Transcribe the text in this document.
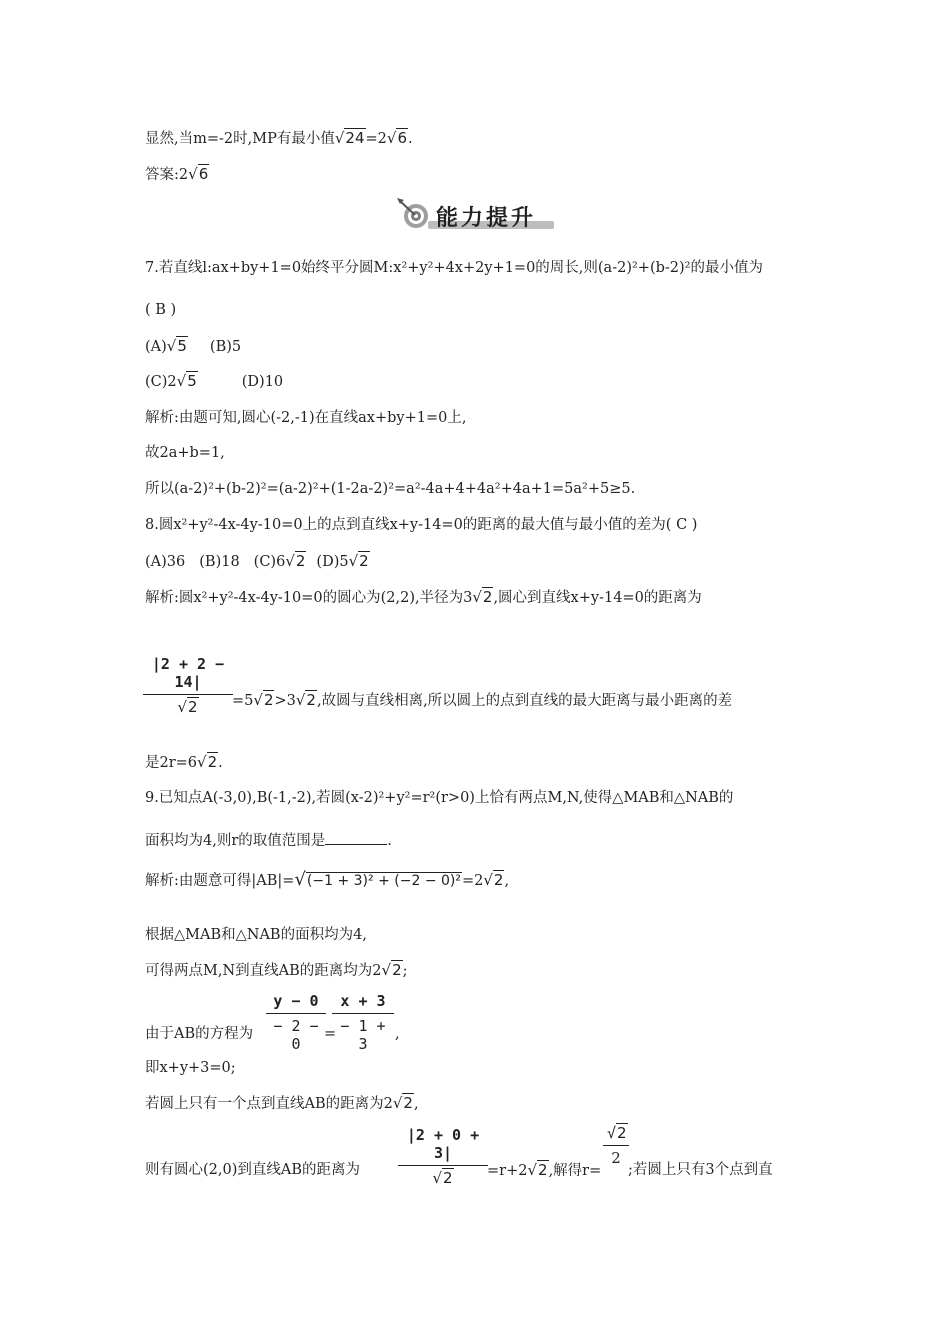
显然,当m=-2时,MP有最小值√24=2√6.
答案:2√6
能力提升
7.若直线l:ax+by+1=0始终平分圆M:x²+y²+4x+2y+1=0的周长,则(a-2)²+(b-2)²的最小值为
( B )
(A)√5 (B)5
(C)2√5	(D)10
解析:由题可知,圆心(-2,-1)在直线ax+by+1=0上,
故2a+b=1,
所以(a-2)²+(b-2)²=(a-2)²+(1-2a-2)²=a²-4a+4+4a²+4a+1=5a²+5≥5.
8.圆x²+y²-4x-4y-10=0上的点到直线x+y-14=0的距离的最大值与最小值的差为( C )
(A)36 (B)18 (C)6√2 (D)5√2
解析:圆x²+y²-4x-4y-10=0的圆心为(2,2),半径为3√2,圆心到直线x+y-14=0的距离为
$\frac{|2 + 2 - 14|}{√2} =5√2>3√2$,故圆与直线相离,所以圆上的点到直线的最大距离与最小距离的差
是2r=6√2.
9.已知点A(-3,0),B(-1,-2),若圆(x-2)²+y²=r²(r>0)上恰有两点M,N,使得△MAB和△NAB的
面积均为4,则r的取值范围是	.
解析:由题意可得|AB|=√(−1 + 3)² + (−2 − 0)²=2√2,
根据△MAB和△NAB的面积均为4,
可得两点M,N到直线AB的距离均为2√2;
由于AB的方程为 $\frac{y - 0}{- 2 - 0}$
=
$\frac{x + 3}{- 1 + 3}$ ,
即x+y+3=0;
若圆上只有一个点到直线AB的距离为2√2,
则有圆心(2,0)到直线AB的距离为	$\frac{|2 + 0 + 3|}{√2} =r+2√2$,解得r=
$\frac{√2}{2}$
;若圆上只有3个点到直
